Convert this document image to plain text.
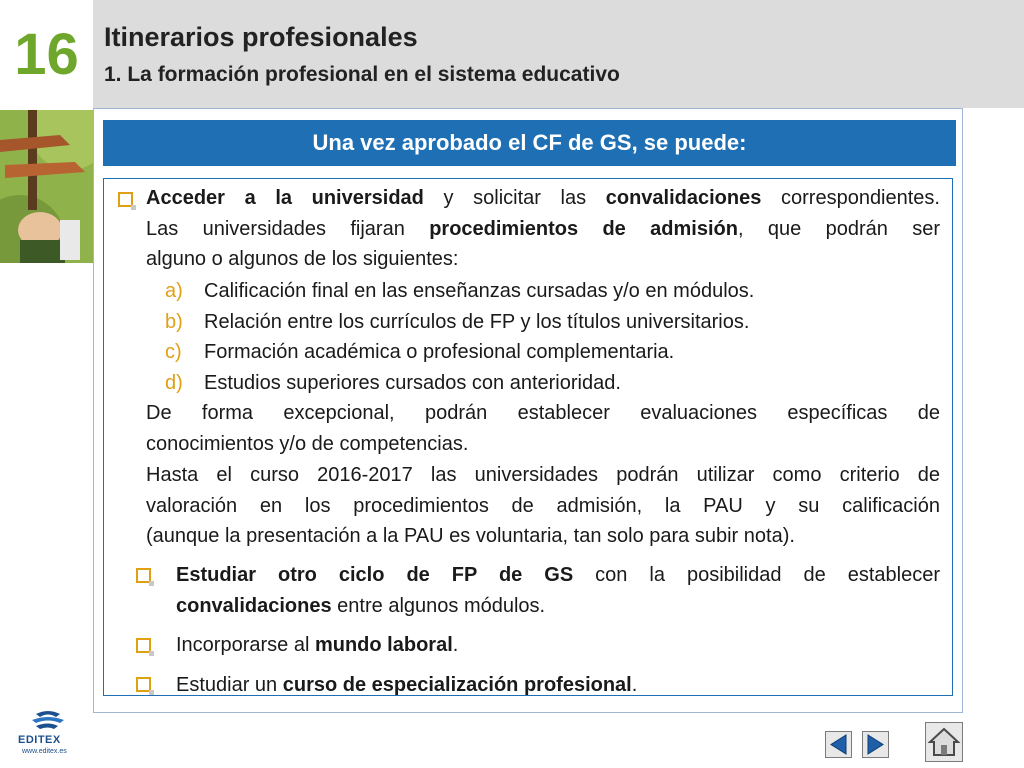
16 Itinerarios profesionales
1. La formación profesional en el sistema educativo
Una vez aprobado el CF de GS, se puede:
Acceder a la universidad y solicitar las convalidaciones correspondientes.
Las universidades fijaran procedimientos de admisión, que podrán ser
alguno o algunos de los siguientes:
a) Calificación final en las enseñanzas cursadas y/o en módulos.
b) Relación entre los currículos de FP y los títulos universitarios.
c) Formación académica o profesional complementaria.
d) Estudios superiores cursados con anterioridad.
De forma excepcional, podrán establecer evaluaciones específicas de
conocimientos y/o de competencias.
Hasta el curso 2016-2017 las universidades podrán utilizar como criterio de
valoración en los procedimientos de admisión, la PAU y su calificación
(aunque la presentación a la PAU es voluntaria, tan solo para subir nota).
Estudiar otro ciclo de FP de GS con la posibilidad de establecer
convalidaciones entre algunos módulos.
Incorporarse al mundo laboral.
Estudiar un curso de especialización profesional.
EDITEX
www.editex.es
